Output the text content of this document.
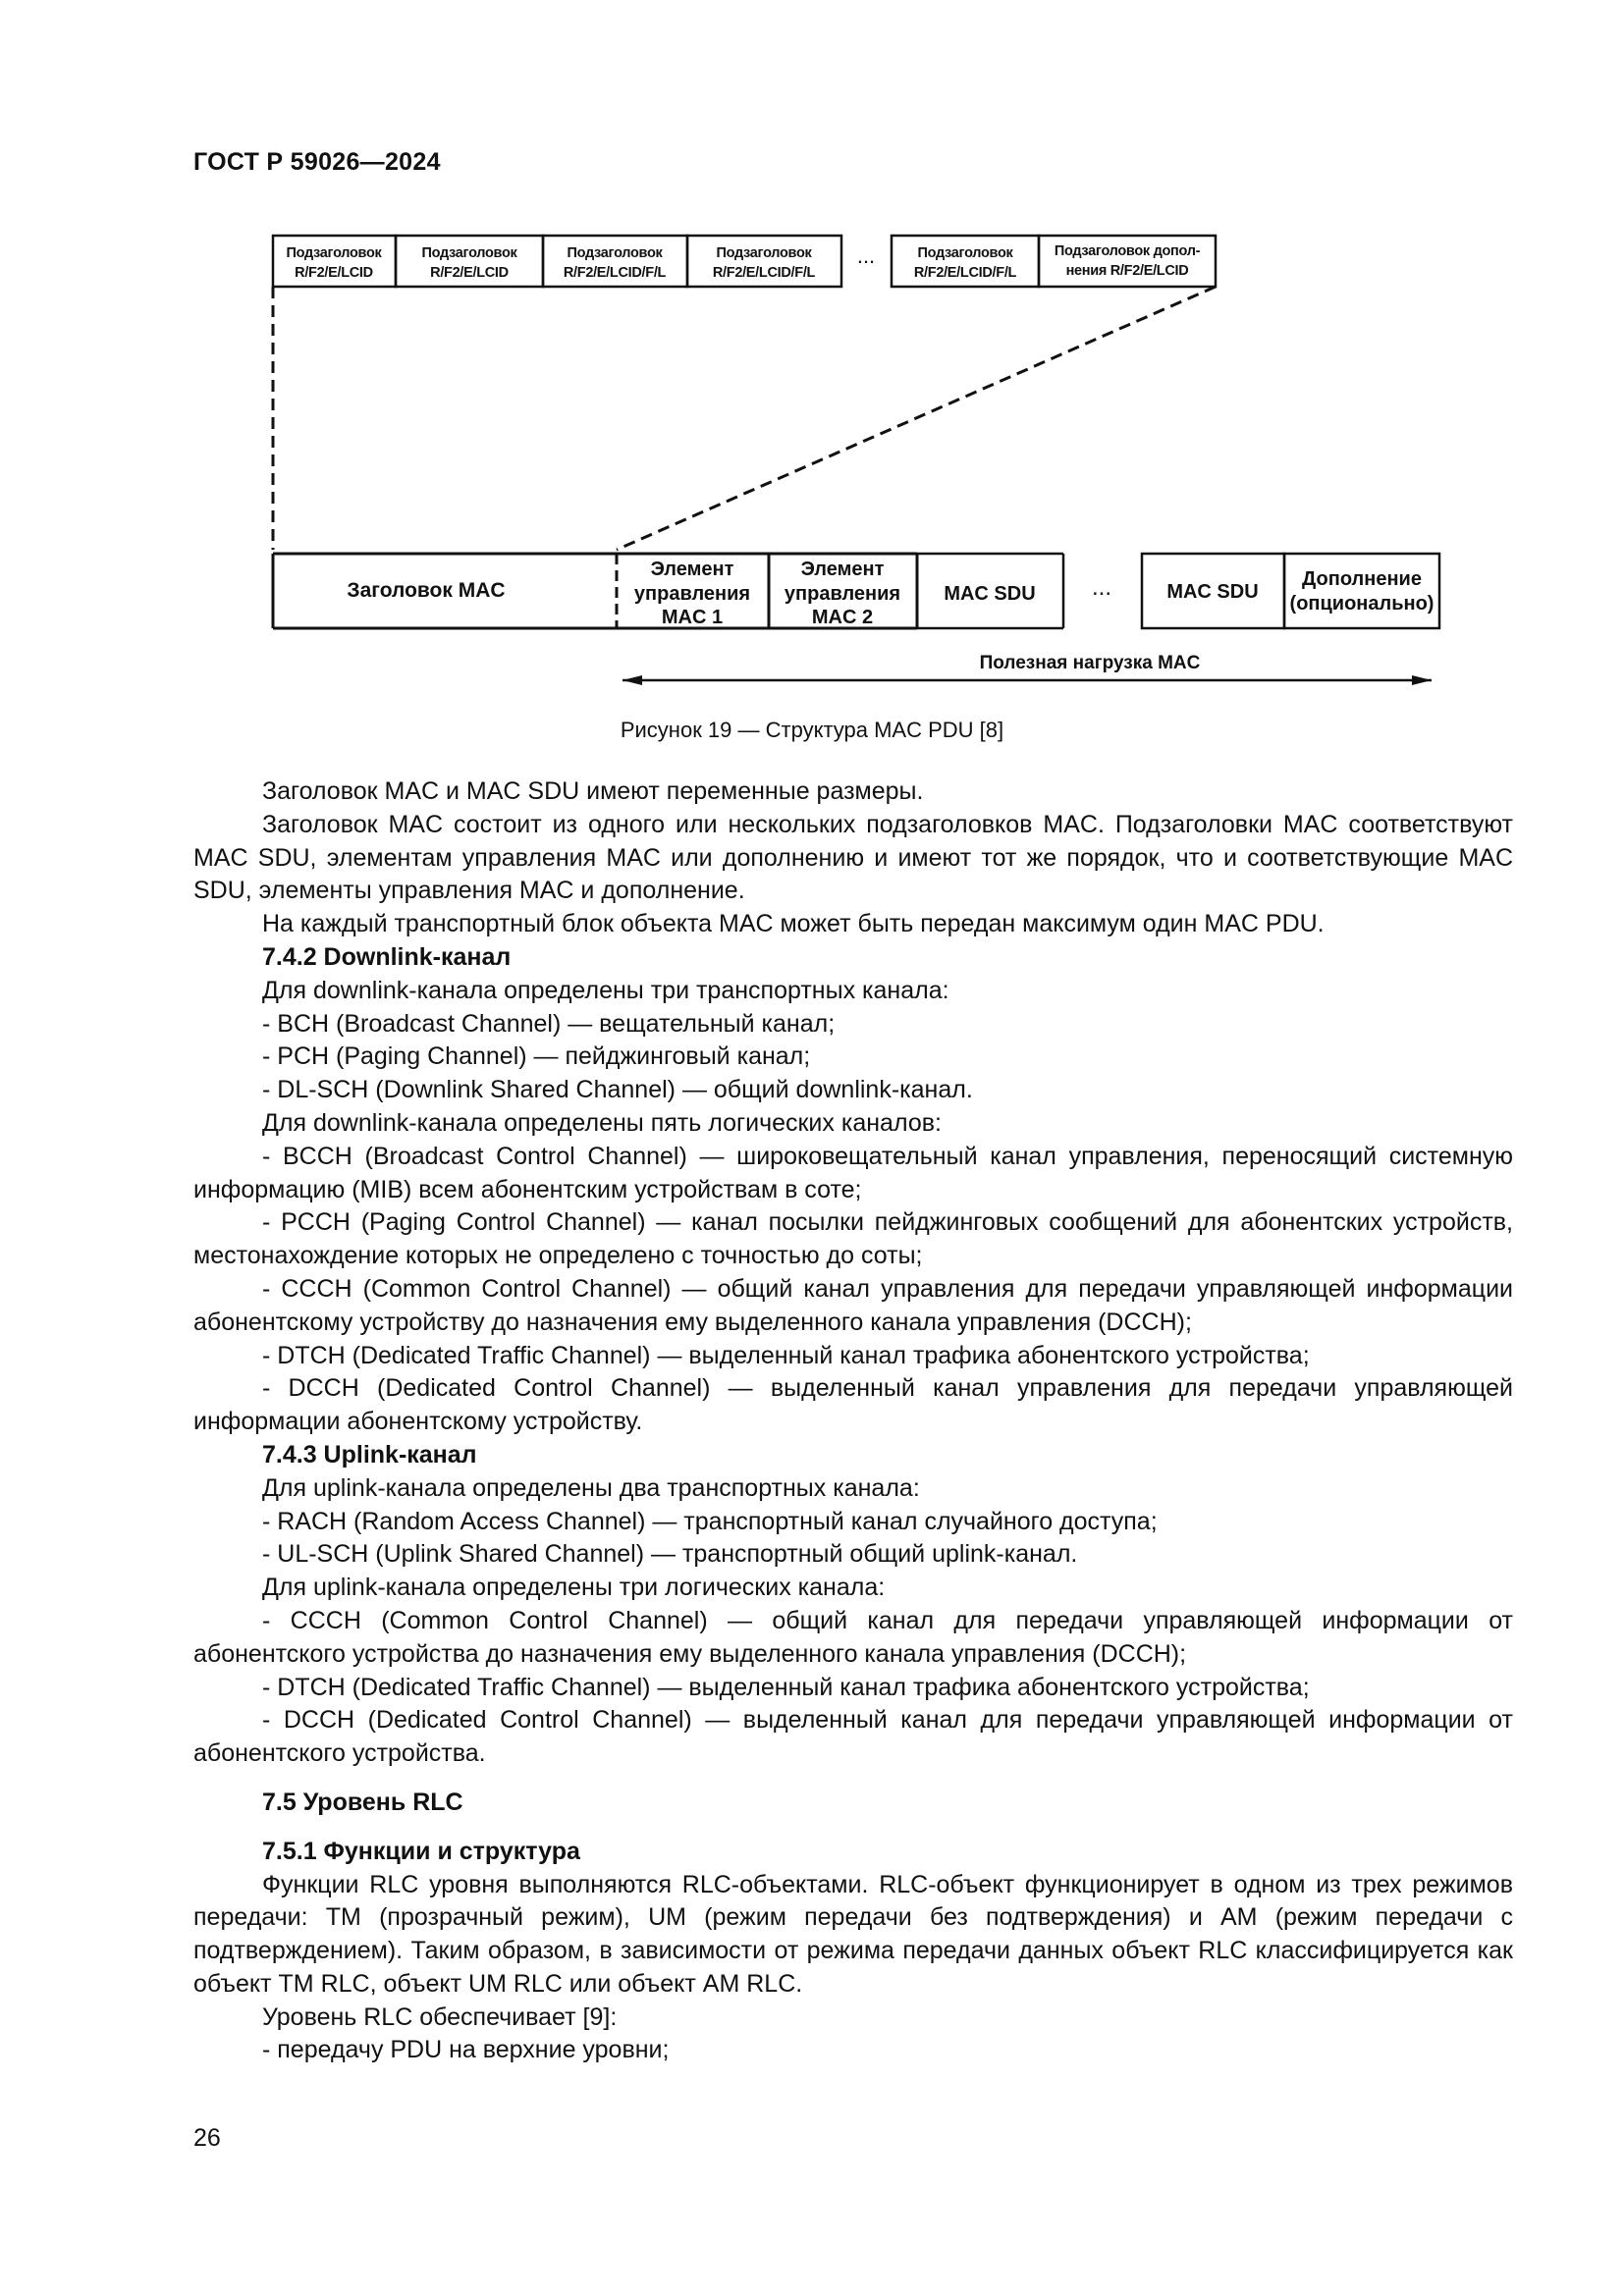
ГОСТ Р 59026—2024
Подзаголовок
R/F2/E/LCID
Подзаголовок
R/F2/E/LCID
Подзаголовок
R/F2/E/LCID/F/L
Подзаголовок
R/F2/E/LCID/F/L
Подзаголовок
R/F2/E/LCID/F/L
Подзаголовок допол-
нения R/F2/E/LCID
...
Заголовок MAC
Элемент
управления
MAC 1
Элемент
управления
MAC 2
MAC SDU	MAC SDU
Дополнение
(опционально)
...
Полезная нагрузка MAC
Рисунок 19 — Структура MAC PDU [8]

Заголовок MAC и MAC SDU имеют переменные размеры.

Заголовок MAC состоит из одного или нескольких подзаголовков MAC. Подзаголовки MAC соответствуют MAC SDU, элементам управления MAC или дополнению и имеют тот же порядок, что и соответствующие MAC SDU, элементы управления MAC и дополнение.

На каждый транспортный блок объекта MAC может быть передан максимум один MAC PDU.

7.4.2 Downlink-канал

Для downlink-канала определены три транспортных канала:

- BCH (Broadcast Channel) — вещательный канал;

- PCH (Paging Channel) — пейджинговый канал;

- DL-SCH (Downlink Shared Channel) — общий downlink-канал.

Для downlink-канала определены пять логических каналов:

- BCCH (Broadcast Control Channel) — широковещательный канал управления, переносящий системную информацию (MIB) всем абонентским устройствам в соте;

- PCCH (Paging Control Channel) — канал посылки пейджинговых сообщений для абонентских устройств, местонахождение которых не определено с точностью до соты;

- CCCH (Common Control Channel) — общий канал управления для передачи управляющей информации абонентскому устройству до назначения ему выделенного канала управления (DCCH);

- DTCH (Dedicated Traffic Channel) — выделенный канал трафика абонентского устройства;

- DCCH (Dedicated Control Channel) — выделенный канал управления для передачи управляющей информации абонентскому устройству.

7.4.3 Uplink-канал

Для uplink-канала определены два транспортных канала:

- RACH (Random Access Channel) — транспортный канал случайного доступа;

- UL-SCH (Uplink Shared Channel) — транспортный общий uplink-канал.

Для uplink-канала определены три логических канала:

- CCCH (Common Control Channel) — общий канал для передачи управляющей информации от абонентского устройства до назначения ему выделенного канала управления (DCCH);

- DTCH (Dedicated Traffic Channel) — выделенный канал трафика абонентского устройства;

- DCCH (Dedicated Control Channel) — выделенный канал для передачи управляющей информации от абонентского устройства.

7.5 Уровень RLC

7.5.1 Функции и структура

Функции RLC уровня выполняются RLC-объектами. RLC-объект функционирует в одном из трех режимов передачи: TM (прозрачный режим), UM (режим передачи без подтверждения) и AM (режим передачи с подтверждением). Таким образом, в зависимости от режима передачи данных объект RLC классифицируется как объект TM RLC, объект UM RLC или объект AM RLC.

Уровень RLC обеспечивает [9]:

- передачу PDU на верхние уровни;

26
